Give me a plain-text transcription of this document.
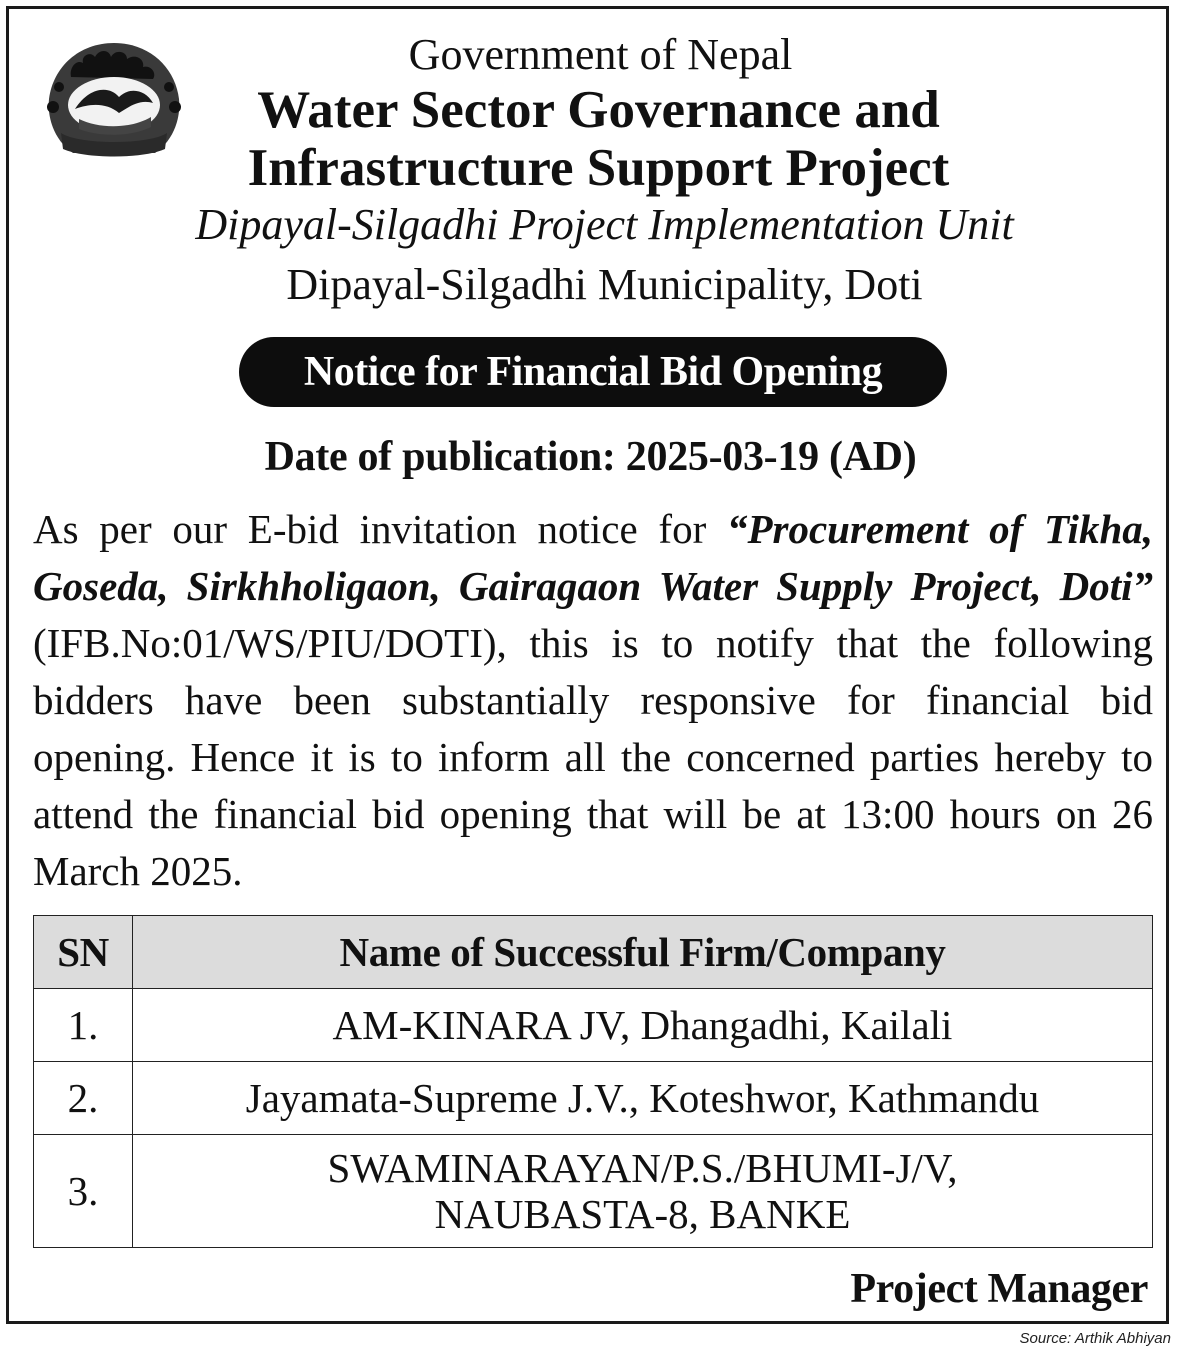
Government of Nepal
Water Sector Governance and
Infrastructure Support Project
Dipayal-Silgadhi Project Implementation Unit
Dipayal-Silgadhi Municipality, Doti
Notice for Financial Bid Opening
Date of publication: 2025-03-19 (AD)
As per our E-bid invitation notice for “Procurement of Tikha, Goseda, Sirkhholigaon, Gairagaon Water Supply Project, Doti” (IFB.No:01/WS/PIU/DOTI), this is to notify that the following bidders have been substantially responsive for financial bid opening. Hence it is to inform all the concerned parties hereby to attend the financial bid opening that will be at 13:00 hours on 26 March 2025.
SN	Name of Successful Firm/Company
1.	AM-KINARA JV, Dhangadhi, Kailali

2.	Jayamata-Supreme J.V., Koteshwor, Kathmandu

3.	SWAMINARAYAN/P.S./BHUMI-J/V,
NAUBASTA-8, BANKE
Project Manager
Source: Arthik Abhiyan
